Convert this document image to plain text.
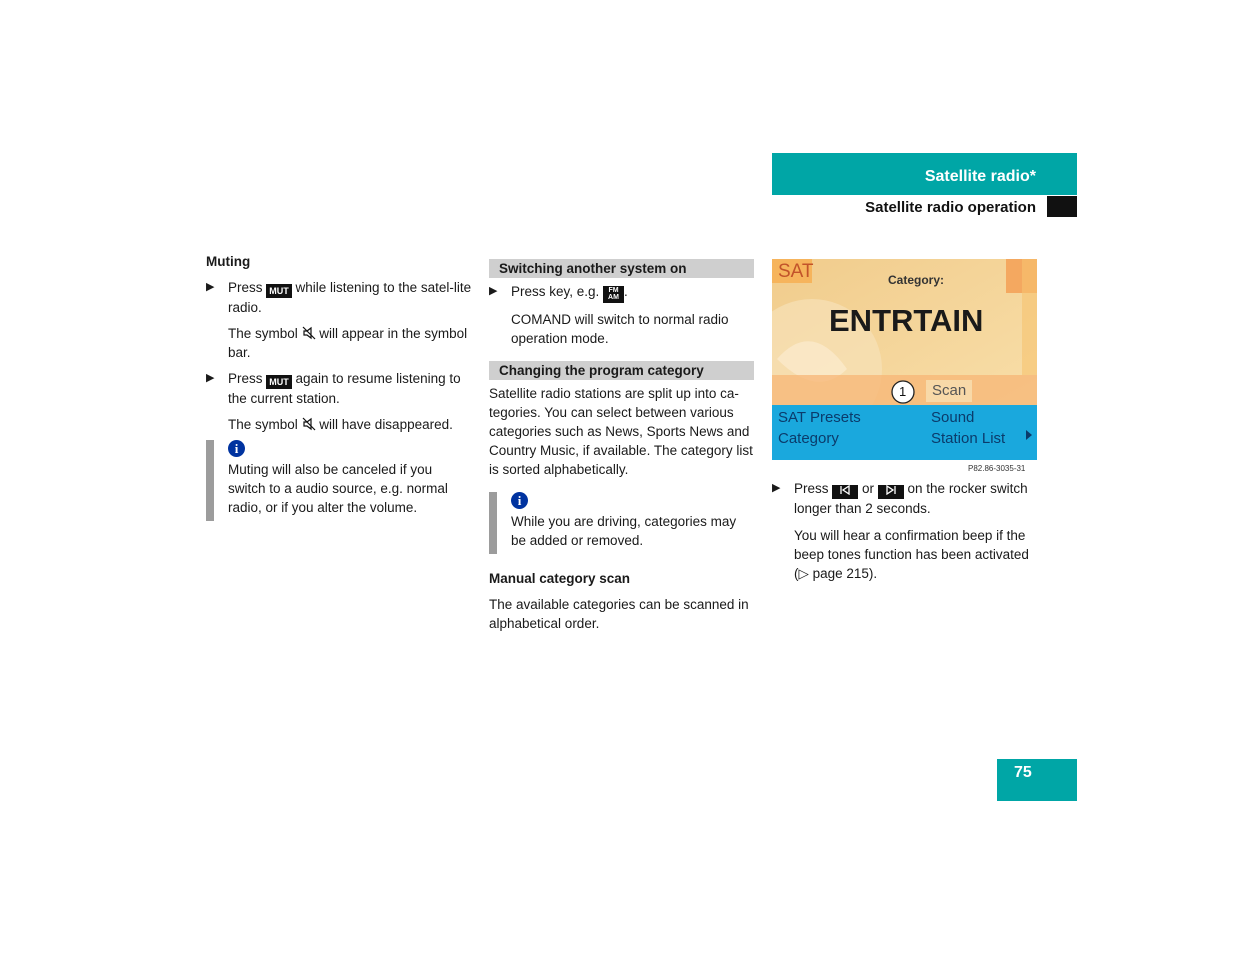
Satellite radio*
Satellite radio operation

Muting

▶ Press MUT while listening to the satel-lite radio.

The symbol  will appear in the symbol bar.

▶ Press MUT again to resume listening to the current station.

The symbol  will have disappeared.

i

Muting will also be canceled if you switch to a audio source, e.g. normal radio, or if you alter the volume.

Switching another system on

▶ Press key, e.g. FM
AM .

COMAND will switch to normal radio operation mode.

Changing the program category

Satellite radio stations are split up into ca-tegories. You can select between various categories such as News, Sports News and Country Music, if available. The category list is sorted alphabetically.

i

While you are driving, categories may be added or removed.

Manual category scan

The available categories can be scanned in alphabetical order.

SAT	Category:
ENTRTAIN
1 Scan
SAT Presets
Category
Sound
Station List
P82.86-3035-31

▶ Press  or  on the rocker switch longer than 2 seconds.

You will hear a confirmation beep if the beep tones function has been activated (▷ page 215).

75
